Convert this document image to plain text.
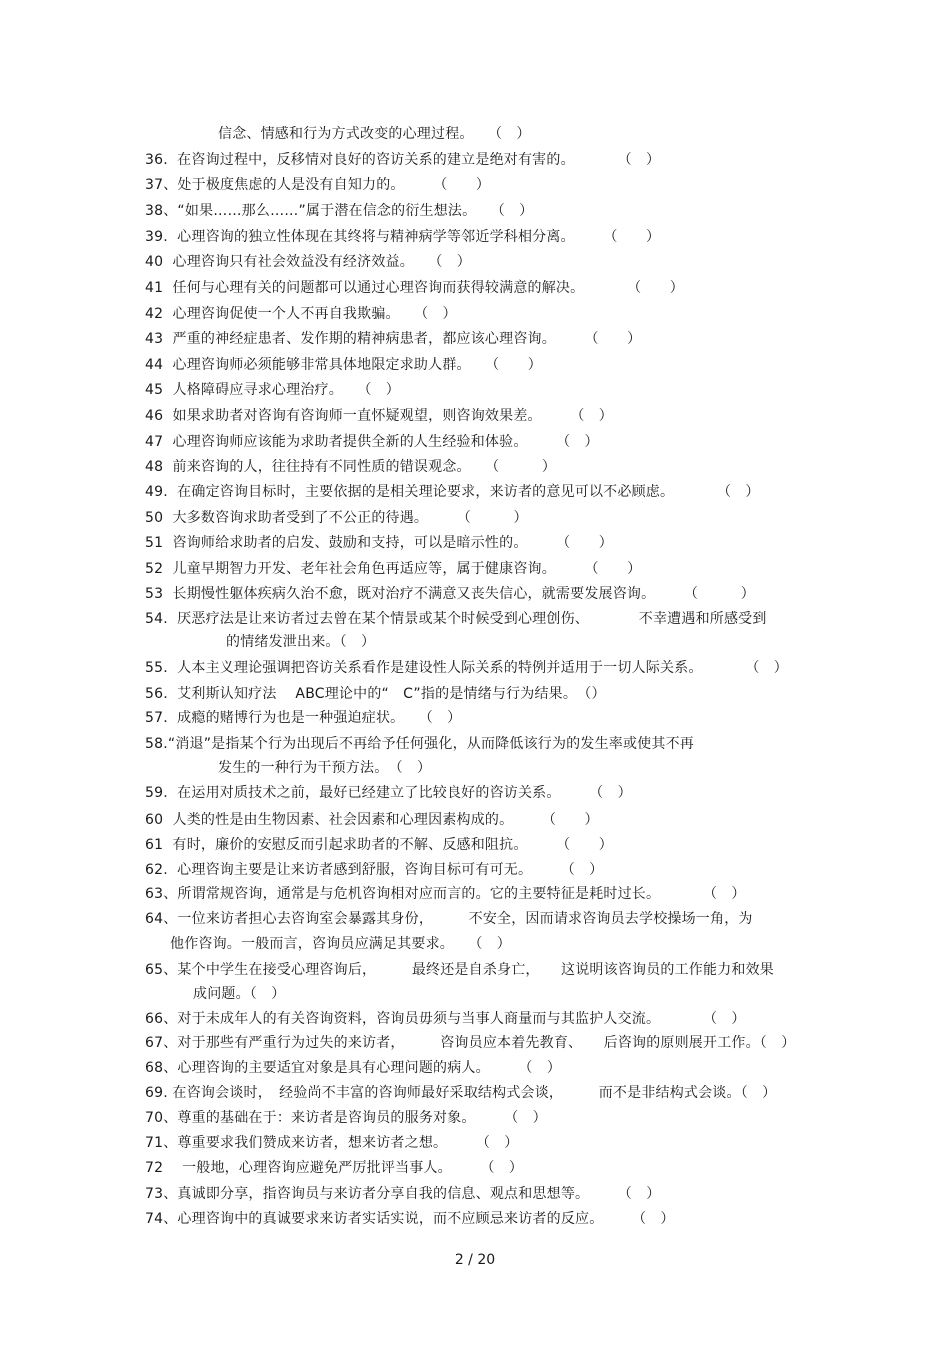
信念、情感和行为方式改变的心理过程。　　（　）
36.  在咨询过程中，反移情对良好的咨访关系的建立是绝对有害的。　　　　（　）
37、处于极度焦虑的人是没有自知力的。　　　（　　）
38、“如果……那么……”属于潜在信念的衍生想法。　　（　）
39.  心理咨询的独立性体现在其终将与精神病学等邻近学科相分离。　　　（　　）
40  心理咨询只有社会效益没有经济效益。　　（　）
41  任何与心理有关的问题都可以通过心理咨询而获得较满意的解决。　　　　（　　）
42  心理咨询促使一个人不再自我欺骗。　　（　）
43  严重的神经症患者、发作期的精神病患者，都应该心理咨询。　　　（　　）
44  心理咨询师必须能够非常具体地限定求助人群。　　（　　）
45  人格障碍应寻求心理治疗。　　（　）
46  如果求助者对咨询有咨询师一直怀疑观望，则咨询效果差。　　　（　）
47  心理咨询师应该能为求助者提供全新的人生经验和体验。　　　（　）
48  前来咨询的人，往往持有不同性质的错误观念。　　（　　　）
49.  在确定咨询目标时，主要依据的是相关理论要求，来访者的意见可以不必顾虑。　　　　（　）
50  大多数咨询求助者受到了不公正的待遇。　　　（　　　）
51  咨询师给求助者的启发、鼓励和支持，可以是暗示性的。　　　（　　）
52  儿童早期智力开发、老年社会角色再适应等，属于健康咨询。　　　（　　）
53  长期慢性躯体疾病久治不愈，既对治疗不满意又丧失信心，就需要发展咨询。　　　（　　　）
54.  厌恶疗法是让来访者过去曾在某个情景或某个时候受到心理创伤、　　　　不幸遭遇和所感受到
的情绪发泄出来。（　）
55.  人本主义理论强调把咨访关系看作是建设性人际关系的特例并适用于一切人际关系。　　　　（　）
56.  艾利斯认知疗法　 ABC理论中的“　C”指的是情绪与行为结果。　（）
57.  成瘾的赌博行为也是一种强迫症状。　　（　）
58.“消退”是指某个行为出现后不再给予任何强化，从而降低该行为的发生率或使其不再
发生的一种行为干预方法。　（　）
59.  在运用对质技术之前，最好已经建立了比较良好的咨访关系。　　　（　）
60  人类的性是由生物因素、社会因素和心理因素构成的。　　　（　　）
61  有时，廉价的安慰反而引起求助者的不解、反感和阻抗。　　　（　　）
62.  心理咨询主要是让来访者感到舒服，咨询目标可有可无。　　　（　）
63、所谓常规咨询，通常是与危机咨询相对应而言的。它的主要特征是耗时过长。　　　　（　）
64、一位来访者担心去咨询室会暴露其身份，　　　不安全，因而请求咨询员去学校操场一角，为
他作咨询。一般而言，咨询员应满足其要求。　　（　）
65、某个中学生在接受心理咨询后，　　　最终还是自杀身亡，　　这说明该咨询员的工作能力和效果
成问题。（　）
66、对于未成年人的有关咨询资料，咨询员毋须与当事人商量而与其监护人交流。　　　　（　）
67、对于那些有严重行为过失的来访者，　　　咨询员应本着先教育、　　后咨询的原则展开工作。（　）
68、心理咨询的主要适宜对象是具有心理问题的病人。　　　（　）
69. 在咨询会谈时，　经验尚不丰富的咨询师最好采取结构式会谈，　　　而不是非结构式会谈。（　）
70、尊重的基础在于：来访者是咨询员的服务对象。　　　（　）
71、尊重要求我们赞成来访者，想来访者之想。　　　（　）
72　 一般地，心理咨询应避免严厉批评当事人。　　　（　）
73、真诚即分享，指咨询员与来访者分享自我的信息、观点和思想等。　　　（　）
74、心理咨询中的真诚要求来访者实话实说，而不应顾忌来访者的反应。　　　（　）
2 / 20
